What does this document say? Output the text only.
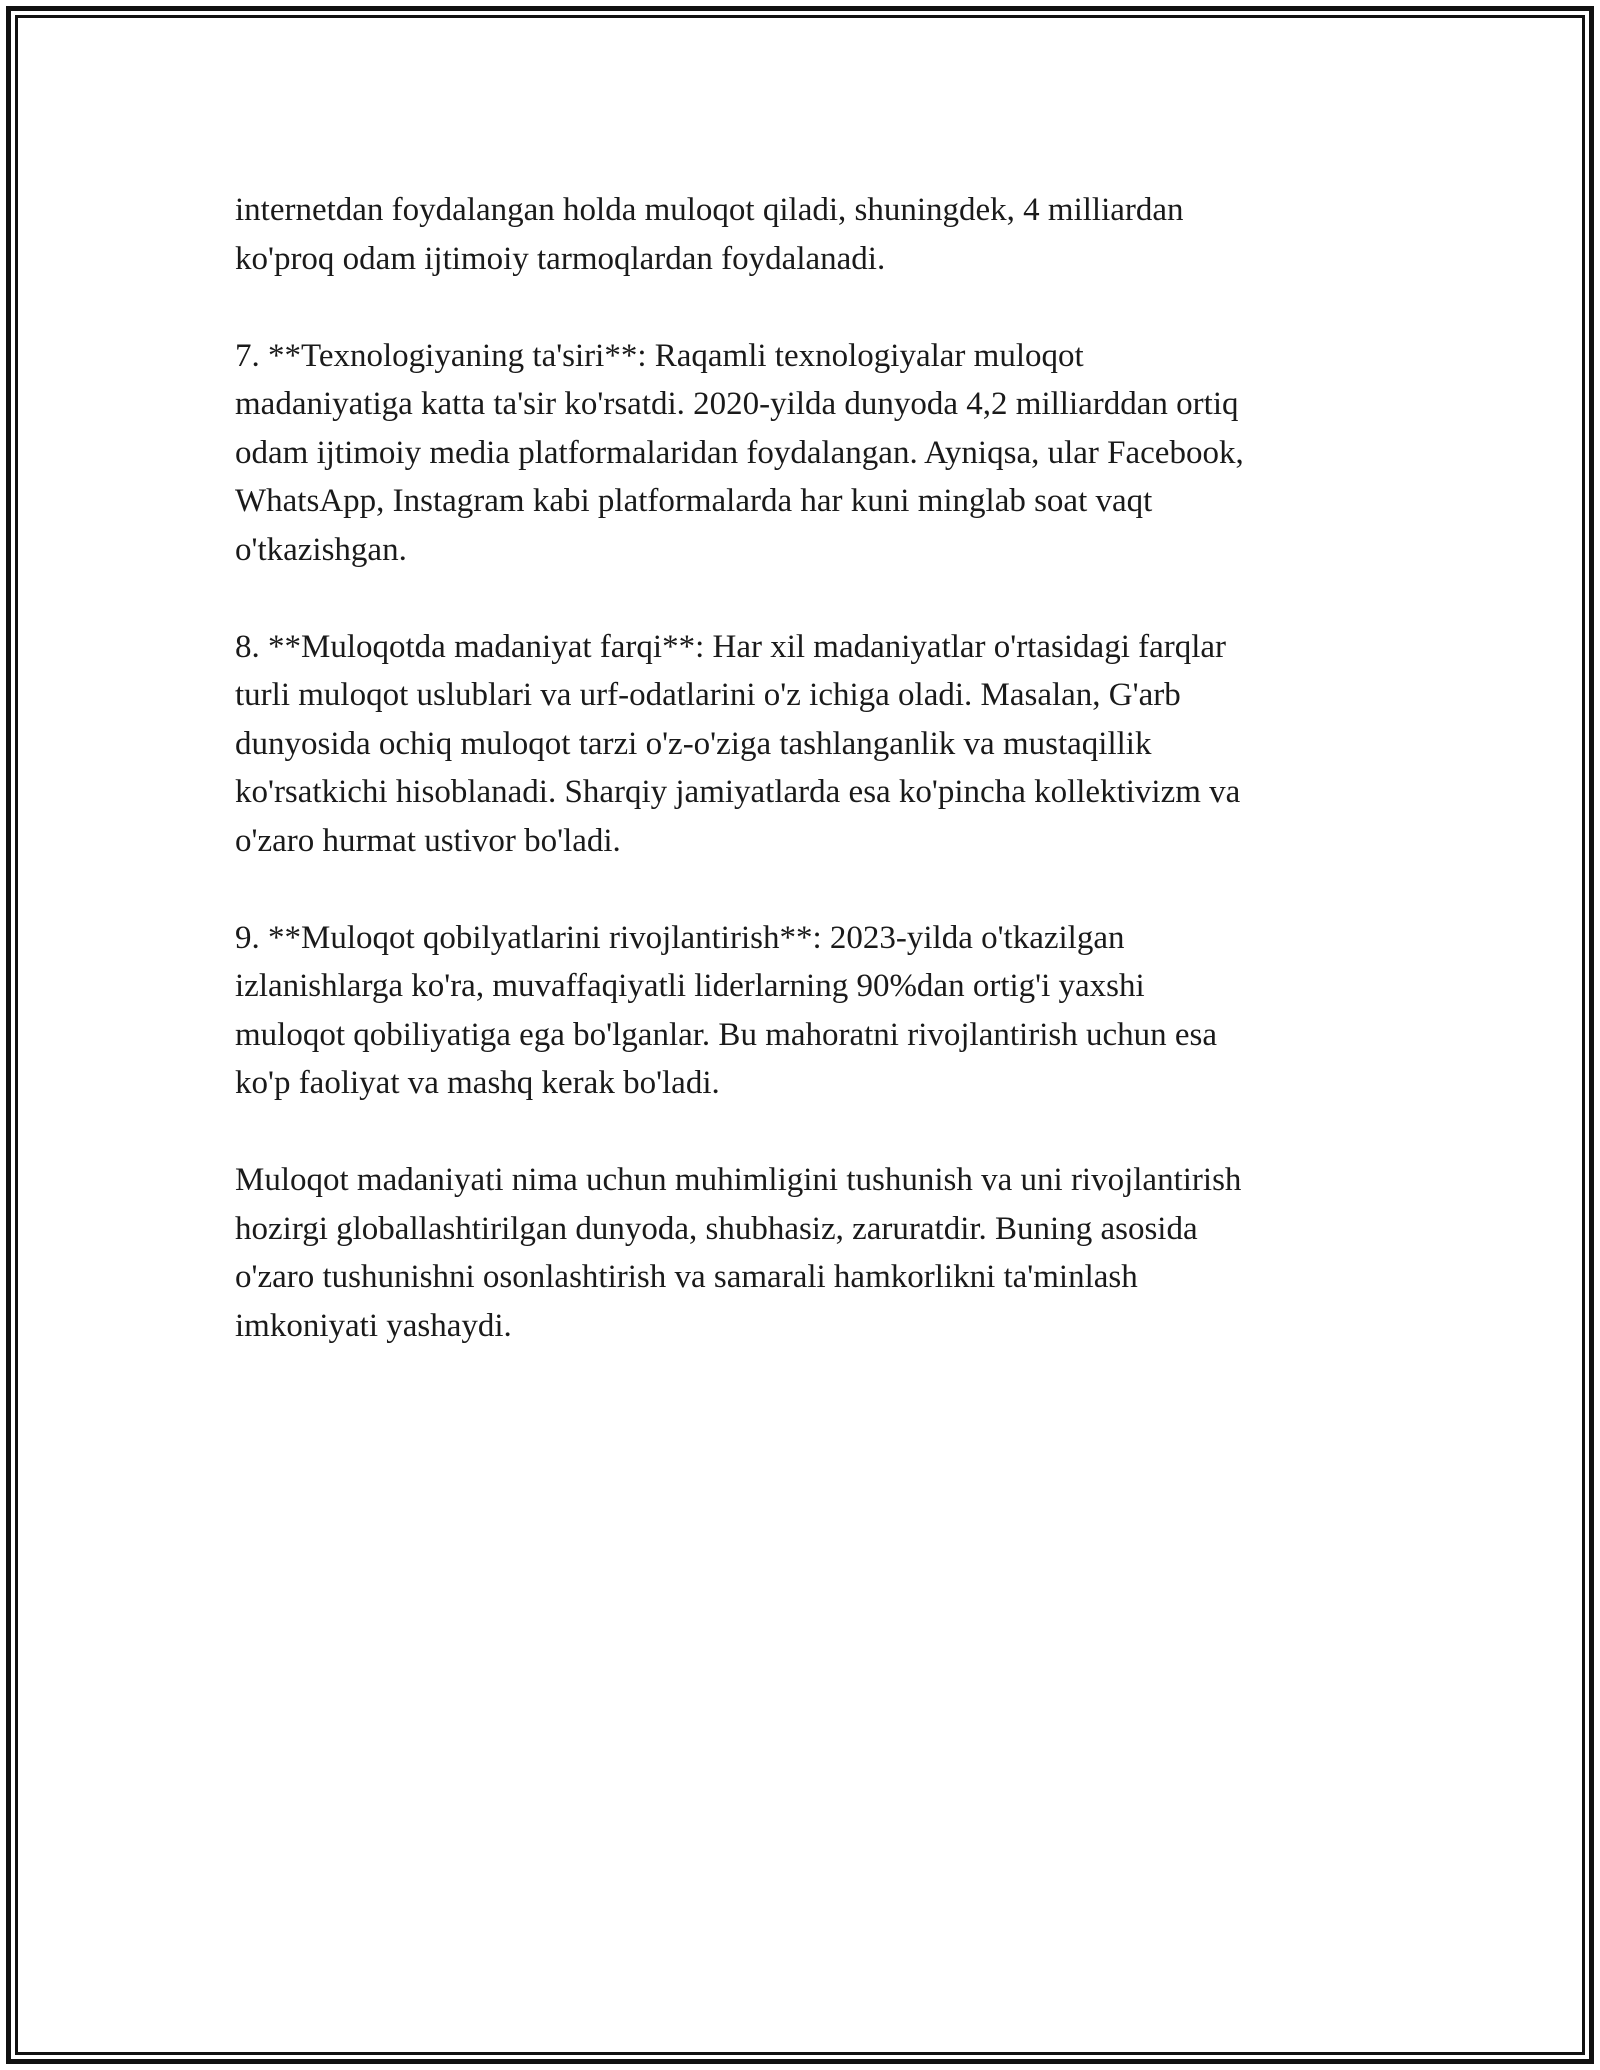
internetdan foydalangan holda muloqot qiladi, shuningdek, 4 milliardan
ko'proq odam ijtimoiy tarmoqlardan foydalanadi.

7. **Texnologiyaning ta'siri**: Raqamli texnologiyalar muloqot
madaniyatiga katta ta'sir ko'rsatdi. 2020-yilda dunyoda 4,2 milliarddan ortiq
odam ijtimoiy media platformalaridan foydalangan. Ayniqsa, ular Facebook,
WhatsApp, Instagram kabi platformalarda har kuni minglab soat vaqt
o'tkazishgan.

8. **Muloqotda madaniyat farqi**: Har xil madaniyatlar o'rtasidagi farqlar
turli muloqot uslublari va urf-odatlarini o'z ichiga oladi. Masalan, G'arb
dunyosida ochiq muloqot tarzi o'z-o'ziga tashlanganlik va mustaqillik
ko'rsatkichi hisoblanadi. Sharqiy jamiyatlarda esa ko'pincha kollektivizm va
o'zaro hurmat ustivor bo'ladi.

9. **Muloqot qobilyatlarini rivojlantirish**: 2023-yilda o'tkazilgan
izlanishlarga ko'ra, muvaffaqiyatli liderlarning 90%dan ortig'i yaxshi
muloqot qobiliyatiga ega bo'lganlar. Bu mahoratni rivojlantirish uchun esa
ko'p faoliyat va mashq kerak bo'ladi.

Muloqot madaniyati nima uchun muhimligini tushunish va uni rivojlantirish
hozirgi globallashtirilgan dunyoda, shubhasiz, zaruratdir. Buning asosida
o'zaro tushunishni osonlashtirish va samarali hamkorlikni ta'minlash
imkoniyati yashaydi.
